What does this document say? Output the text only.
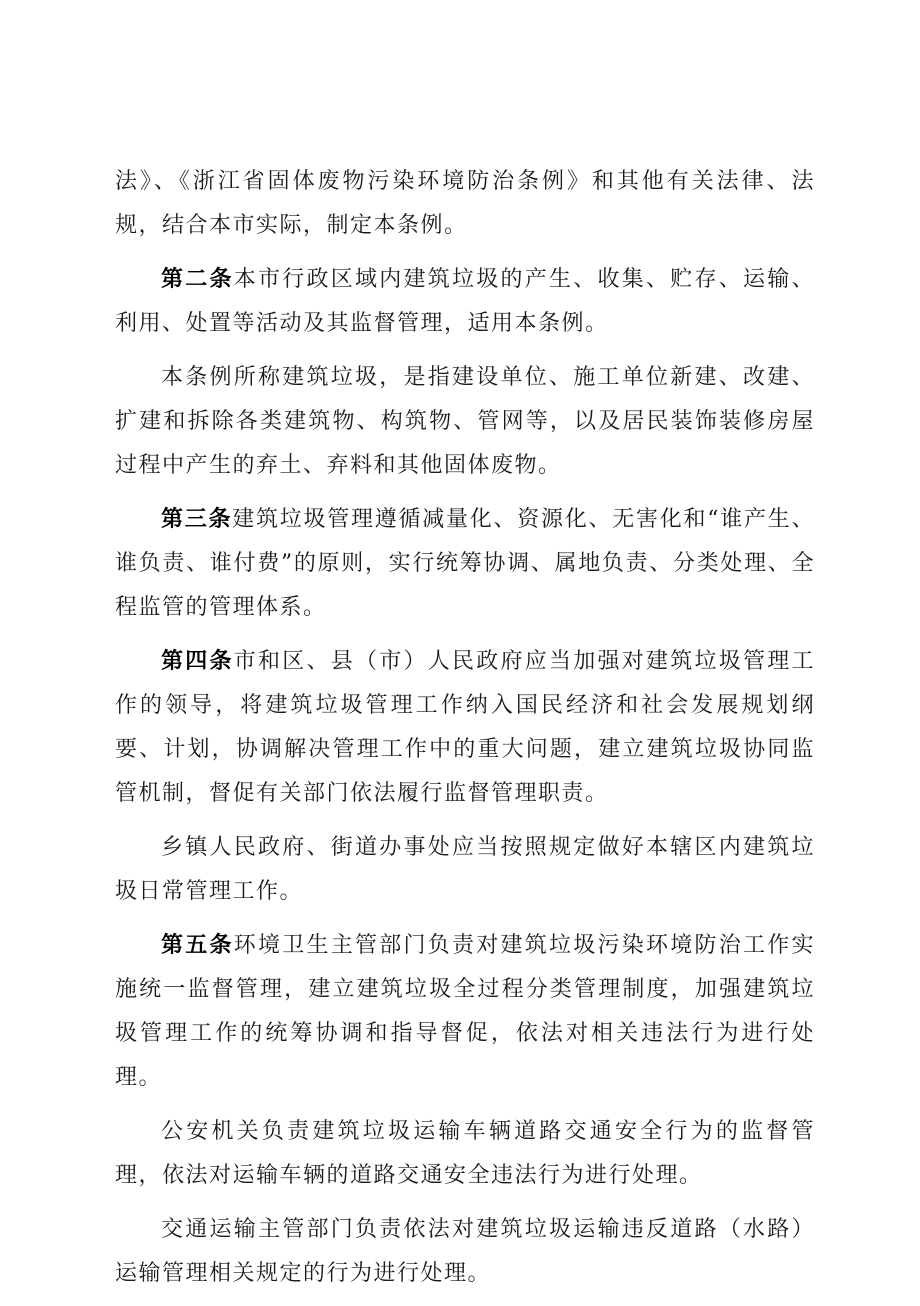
法》、《浙江省固体废物污染环境防治条例》和其他有关法律、法规，结合本市实际，制定本条例。

第二条本市行政区域内建筑垃圾的产生、收集、贮存、运输、利用、处置等活动及其监督管理，适用本条例。

本条例所称建筑垃圾，是指建设单位、施工单位新建、改建、扩建和拆除各类建筑物、构筑物、管网等，以及居民装饰装修房屋过程中产生的弃土、弃料和其他固体废物。

第三条建筑垃圾管理遵循减量化、资源化、无害化和“谁产生、谁负责、谁付费”的原则，实行统筹协调、属地负责、分类处理、全程监管的管理体系。

第四条市和区、县（市）人民政府应当加强对建筑垃圾管理工作的领导，将建筑垃圾管理工作纳入国民经济和社会发展规划纲要、计划，协调解决管理工作中的重大问题，建立建筑垃圾协同监管机制，督促有关部门依法履行监督管理职责。

乡镇人民政府、街道办事处应当按照规定做好本辖区内建筑垃圾日常管理工作。

第五条环境卫生主管部门负责对建筑垃圾污染环境防治工作实施统一监督管理，建立建筑垃圾全过程分类管理制度，加强建筑垃圾管理工作的统筹协调和指导督促，依法对相关违法行为进行处理。

公安机关负责建筑垃圾运输车辆道路交通安全行为的监督管理，依法对运输车辆的道路交通安全违法行为进行处理。

交通运输主管部门负责依法对建筑垃圾运输违反道路（水路）运输管理相关规定的行为进行处理。
